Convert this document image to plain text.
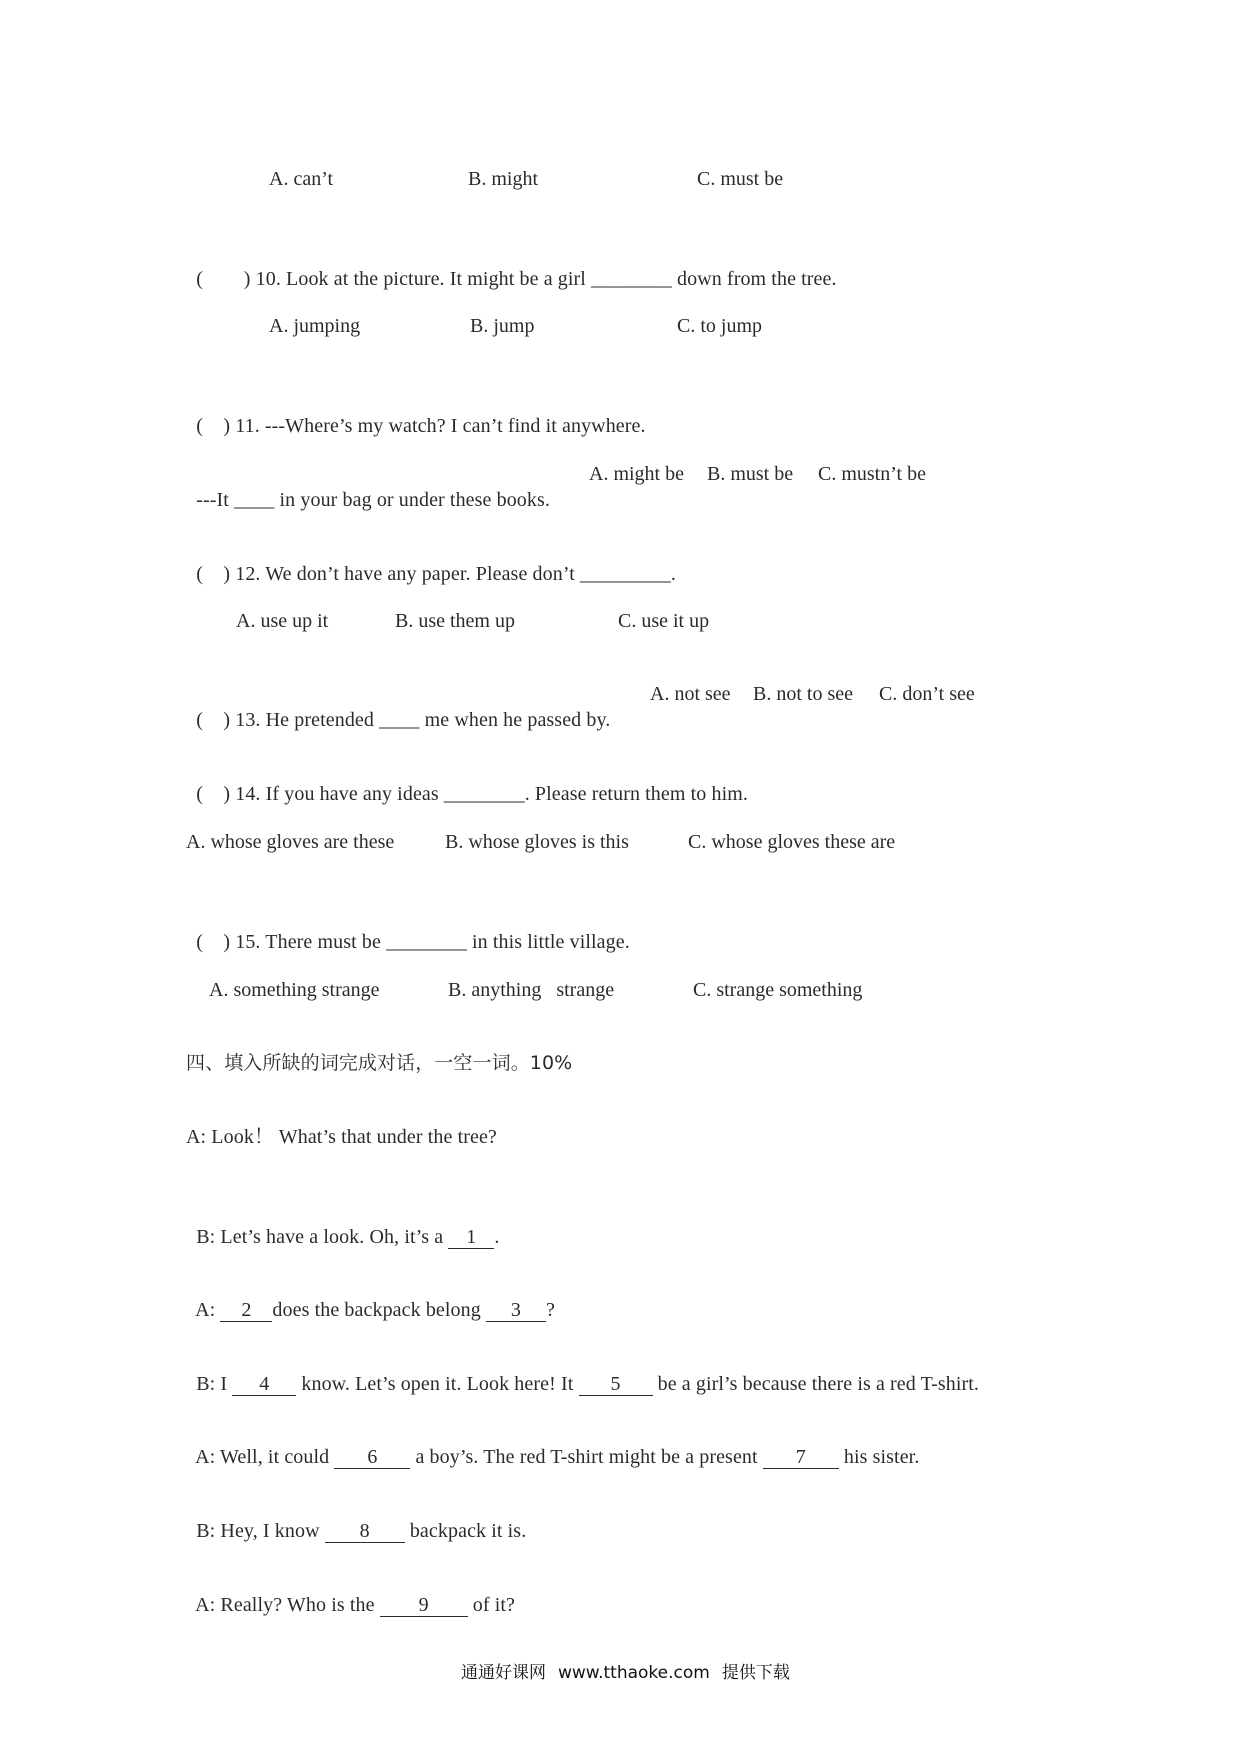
A. can’t	B. might	C. must be

(        ) 10. Look at the picture. It might be a girl ________ down from the tree.

A. jumping	B. jump	C. to jump

(    ) 11. ---Where’s my watch? I can’t find it anywhere.

---It ____ in your bag or under these books.

A. might be B. must be C. mustn’t be

(    ) 12. We don’t have any paper. Please don’t _________.

A. use up it	B. use them up	C. use it up

(    ) 13. He pretended ____ me when he passed by.

A. not see B. not to see C. don’t see

(    ) 14. If you have any ideas ________. Please return them to him.

A. whose gloves are these	B. whose gloves is this	C. whose gloves these are

(    ) 15. There must be ________ in this little village.

A. something strange	B. anything   strange	C. strange something
四、填入所缺的词完成对话，一空一词。10%
A: Look！ What’s that under the tree?

B: Let’s have a look. Oh, it’s a 1 .

A: 2 does the backpack belong 3 ?

B: I 4 know. Let’s open it. Look here! It 5 be a girl’s because there is a red T-shirt.

A: Well, it could 6 a boy’s. The red T-shirt might be a present 7 his sister.

B: Hey, I know 8 backpack it is.

A: Really? Who is the 9 of it?

通通好课网 www.tthaoke.com 提供下载
